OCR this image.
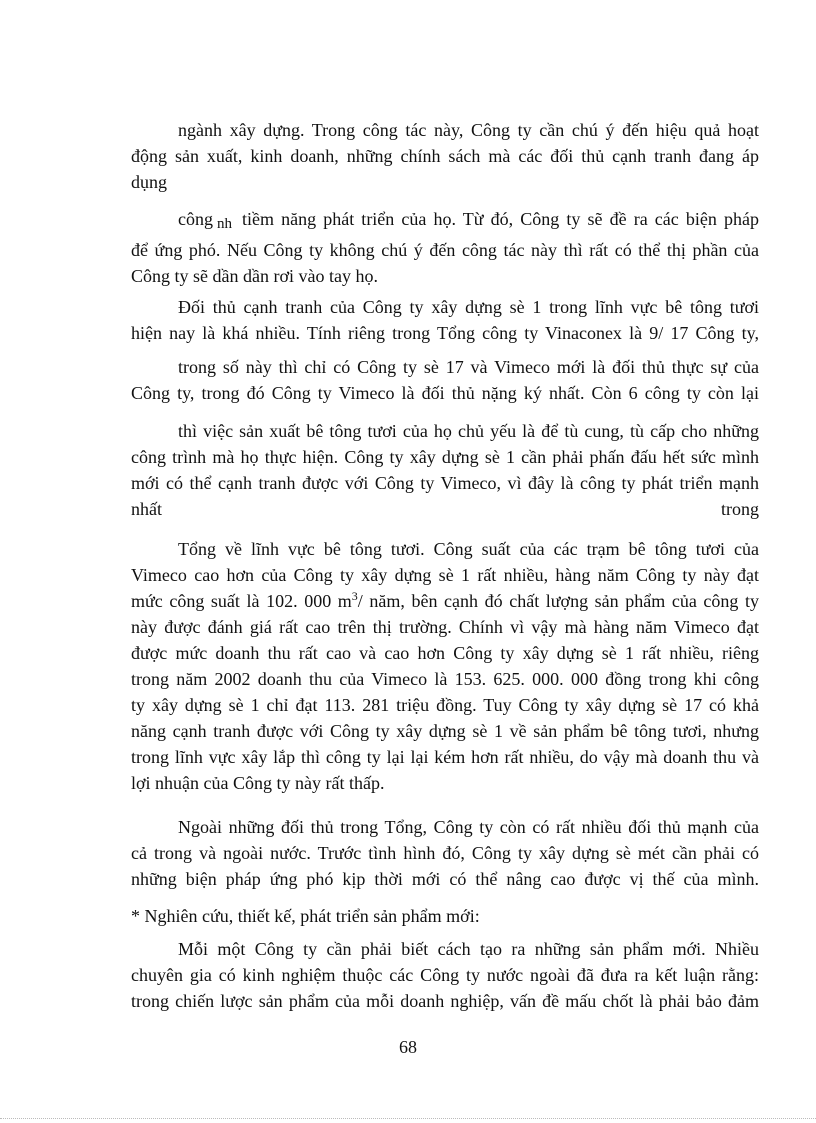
ngành xây dựng. Trong công tác này, Công ty cần chú ý đến hiệu quả hoạt
động sản xuất, kinh doanh, những chính sách mà các đối thủ cạnh tranh đang áp
dụng
công nh tiềm năng phát triển của họ. Từ đó, Công ty sẽ đề ra các biện pháp
để ứng phó. Nếu Công ty không chú ý đến công tác này thì rất có thể thị phần của
Công ty sẽ dần dần rơi vào tay họ.
Đối thủ cạnh tranh của Công ty xây dựng sè 1 trong lĩnh vực bê tông tươi
hiện nay là khá nhiều. Tính riêng trong Tổng công ty Vinaconex là 9/ 17 Công ty,
trong số này thì chỉ có Công ty sè 17 và Vimeco mới là đối thủ thực sự của
Công ty, trong đó Công ty Vimeco là đối thủ nặng ký nhất. Còn 6 công ty còn lại
thì việc sản xuất bê tông tươi của họ chủ yếu là để tù cung, tù cấp cho những
công trình mà họ thực hiện. Công ty xây dựng sè 1 cần phải phấn đấu hết sức mình
mới có thể cạnh tranh được với Công ty Vimeco, vì đây là công ty phát triển mạnh
nhất	trong
Tổng về lĩnh vực bê tông tươi. Công suất của các trạm bê tông tươi của
Vimeco cao hơn của Công ty xây dựng sè 1 rất nhiều, hàng năm Công ty này đạt
mức công suất là 102. 000 $m^3/$ năm, bên cạnh đó chất lượng sản phẩm của công ty
này được đánh giá rất cao trên thị trường. Chính vì vậy mà hàng năm Vimeco đạt
được mức doanh thu rất cao và cao hơn Công ty xây dựng sè 1 rất nhiều, riêng
trong năm 2002 doanh thu của Vimeco là 153. 625. 000. 000 đồng trong khi công
ty xây dựng sè 1 chỉ đạt 113. 281 triệu đồng. Tuy Công ty xây dựng sè 17 có khả
năng cạnh tranh được với Công ty xây dựng sè 1 về sản phẩm bê tông tươi, nhưng
trong lĩnh vực xây lắp thì công ty lại lại kém hơn rất nhiều, do vậy mà doanh thu và
lợi nhuận của Công ty này rất thấp.
Ngoài những đối thủ trong Tổng, Công ty còn có rất nhiều đối thủ mạnh của
cả trong và ngoài nước. Trước tình hình đó, Công ty xây dựng sè mét cần phải có
những biện pháp ứng phó kịp thời mới có thể nâng cao được vị thế của mình.
* Nghiên cứu, thiết kế, phát triển sản phẩm mới:
Mỗi một Công ty cần phải biết cách tạo ra những sản phẩm mới. Nhiều
chuyên gia có kinh nghiệm thuộc các Công ty nước ngoài đã đưa ra kết luận rằng:
trong chiến lược sản phẩm của mỗi doanh nghiệp, vấn đề mấu chốt là phải bảo đảm
68
